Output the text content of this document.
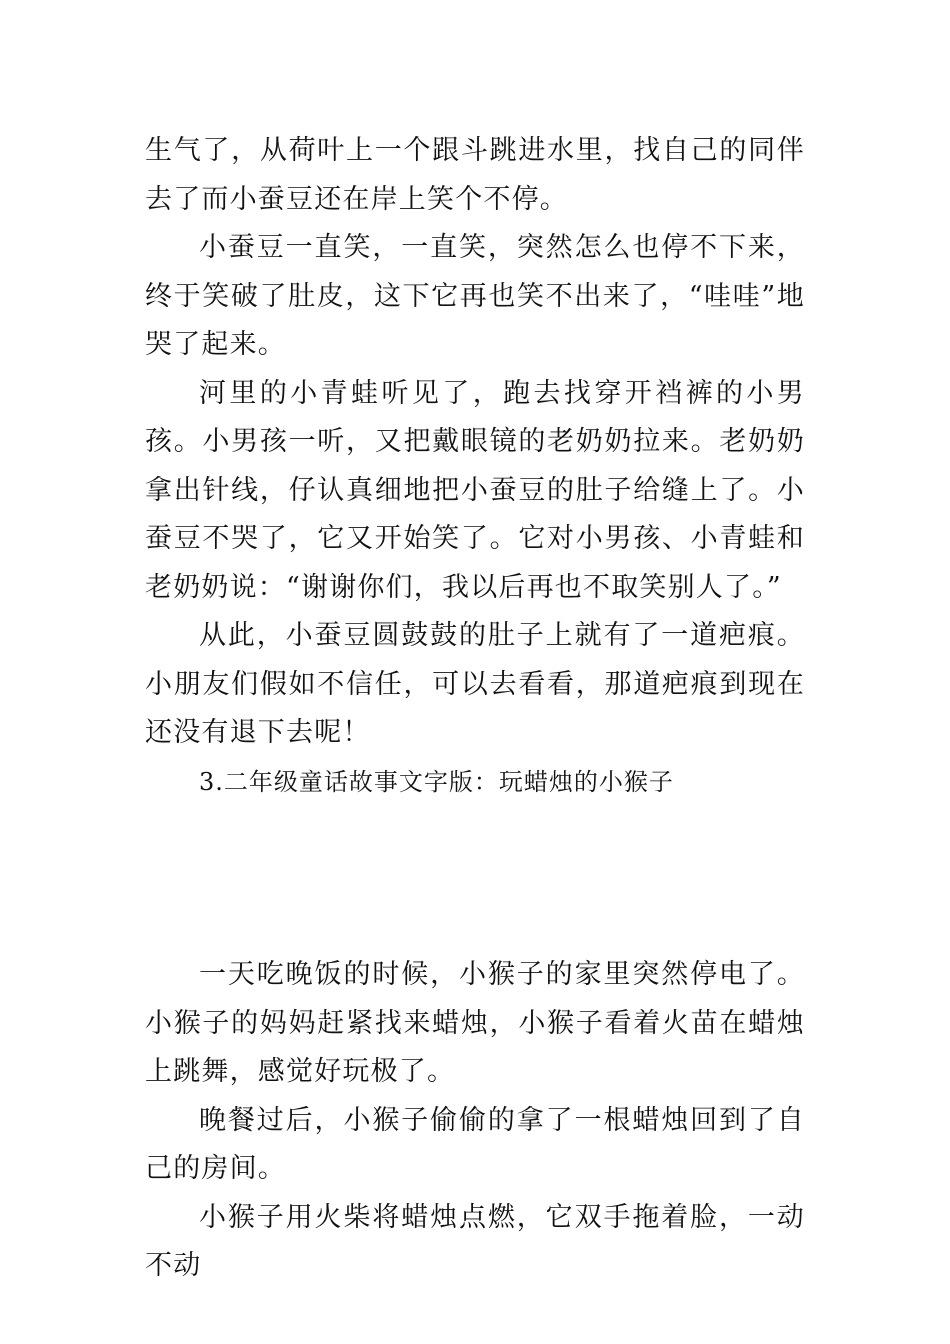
生气了，从荷叶上一个跟斗跳进水里，找自己的同伴去了而小蚕豆还在岸上笑个不停。

小蚕豆一直笑，一直笑，突然怎么也停不下来，终于笑破了肚皮，这下它再也笑不出来了，“哇哇”地哭了起来。

河里的小青蛙听见了，跑去找穿开裆裤的小男孩。小男孩一听，又把戴眼镜的老奶奶拉来。老奶奶拿出针线，仔认真细地把小蚕豆的肚子给缝上了。小蚕豆不哭了，它又开始笑了。它对小男孩、小青蛙和老奶奶说：“谢谢你们，我以后再也不取笑别人了。”

从此，小蚕豆圆鼓鼓的肚子上就有了一道疤痕。小朋友们假如不信任，可以去看看，那道疤痕到现在还没有退下去呢！

3.二年级童话故事文字版：玩蜡烛的小猴子

一天吃晚饭的时候，小猴子的家里突然停电了。小猴子的妈妈赶紧找来蜡烛，小猴子看着火苗在蜡烛上跳舞，感觉好玩极了。

晚餐过后，小猴子偷偷的拿了一根蜡烛回到了自己的房间。

小猴子用火柴将蜡烛点燃，它双手拖着脸，一动不动
